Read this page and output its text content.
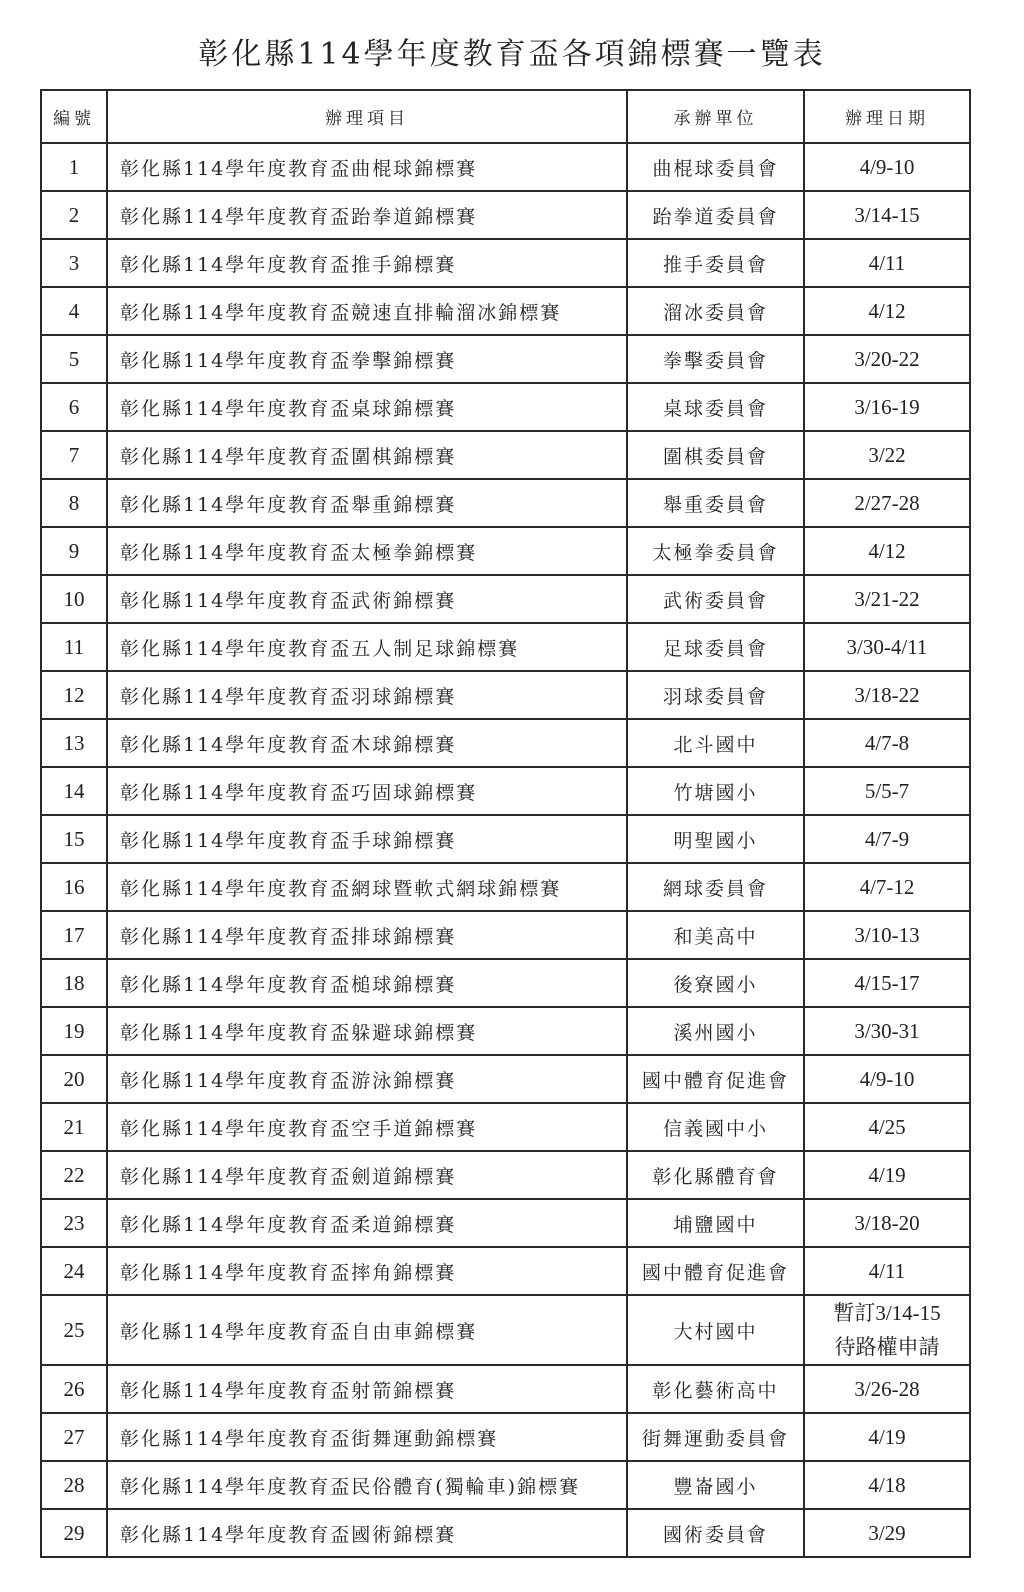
彰化縣114學年度教育盃各項錦標賽一覽表
編號	辦理項目	承辦單位	辦理日期
1	彰化縣114學年度教育盃曲棍球錦標賽	曲棍球委員會	4/9-10

2	彰化縣114學年度教育盃跆拳道錦標賽	跆拳道委員會	3/14-15

3	彰化縣114學年度教育盃推手錦標賽	推手委員會	4/11

4	彰化縣114學年度教育盃競速直排輪溜冰錦標賽	溜冰委員會	4/12

5	彰化縣114學年度教育盃拳擊錦標賽	拳擊委員會	3/20-22

6	彰化縣114學年度教育盃桌球錦標賽	桌球委員會	3/16-19

7	彰化縣114學年度教育盃圍棋錦標賽	圍棋委員會	3/22

8	彰化縣114學年度教育盃舉重錦標賽	舉重委員會	2/27-28

9	彰化縣114學年度教育盃太極拳錦標賽	太極拳委員會	4/12

10	彰化縣114學年度教育盃武術錦標賽	武術委員會	3/21-22

11	彰化縣114學年度教育盃五人制足球錦標賽	足球委員會	3/30-4/11

12	彰化縣114學年度教育盃羽球錦標賽	羽球委員會	3/18-22

13	彰化縣114學年度教育盃木球錦標賽	北斗國中	4/7-8

14	彰化縣114學年度教育盃巧固球錦標賽	竹塘國小	5/5-7

15	彰化縣114學年度教育盃手球錦標賽	明聖國小	4/7-9

16	彰化縣114學年度教育盃網球暨軟式網球錦標賽	網球委員會	4/7-12

17	彰化縣114學年度教育盃排球錦標賽	和美高中	3/10-13

18	彰化縣114學年度教育盃槌球錦標賽	後寮國小	4/15-17

19	彰化縣114學年度教育盃躲避球錦標賽	溪州國小	3/30-31

20	彰化縣114學年度教育盃游泳錦標賽	國中體育促進會	4/9-10

21	彰化縣114學年度教育盃空手道錦標賽	信義國中小	4/25

22	彰化縣114學年度教育盃劍道錦標賽	彰化縣體育會	4/19

23	彰化縣114學年度教育盃柔道錦標賽	埔鹽國中	3/18-20

24	彰化縣114學年度教育盃摔角錦標賽	國中體育促進會	4/11

25	彰化縣114學年度教育盃自由車錦標賽	大村國中	暫訂3/14-15
待路權申請

26	彰化縣114學年度教育盃射箭錦標賽	彰化藝術高中	3/26-28

27	彰化縣114學年度教育盃街舞運動錦標賽	街舞運動委員會	4/19

28	彰化縣114學年度教育盃民俗體育(獨輪車)錦標賽	豐崙國小	4/18

29	彰化縣114學年度教育盃國術錦標賽	國術委員會	3/29
